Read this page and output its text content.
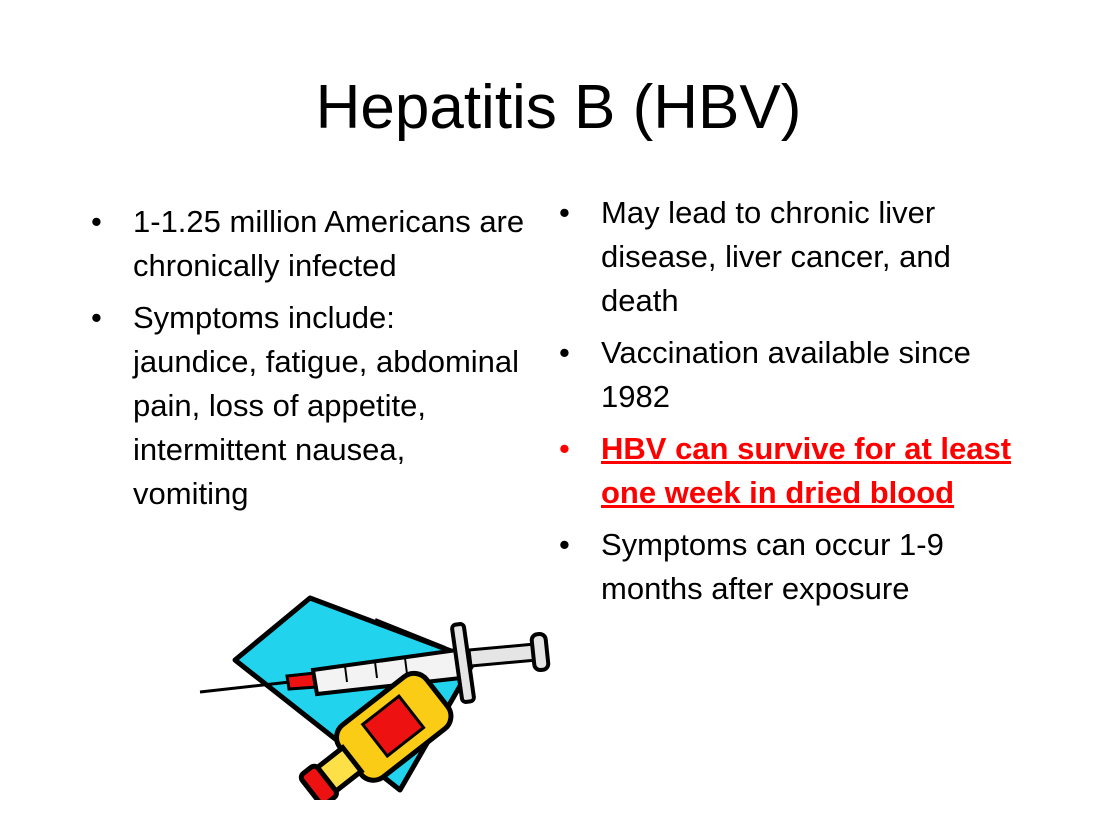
Hepatitis B (HBV)
•	1-1.25 million Americans are chronically infected
•	Symptoms include: jaundice, fatigue, abdominal pain, loss of appetite, intermittent nausea, vomiting
•	May lead to chronic liver disease, liver cancer, and death
•	Vaccination available since 1982
•	HBV can survive for at least one week in dried blood
•	Symptoms can occur 1-9 months after exposure
